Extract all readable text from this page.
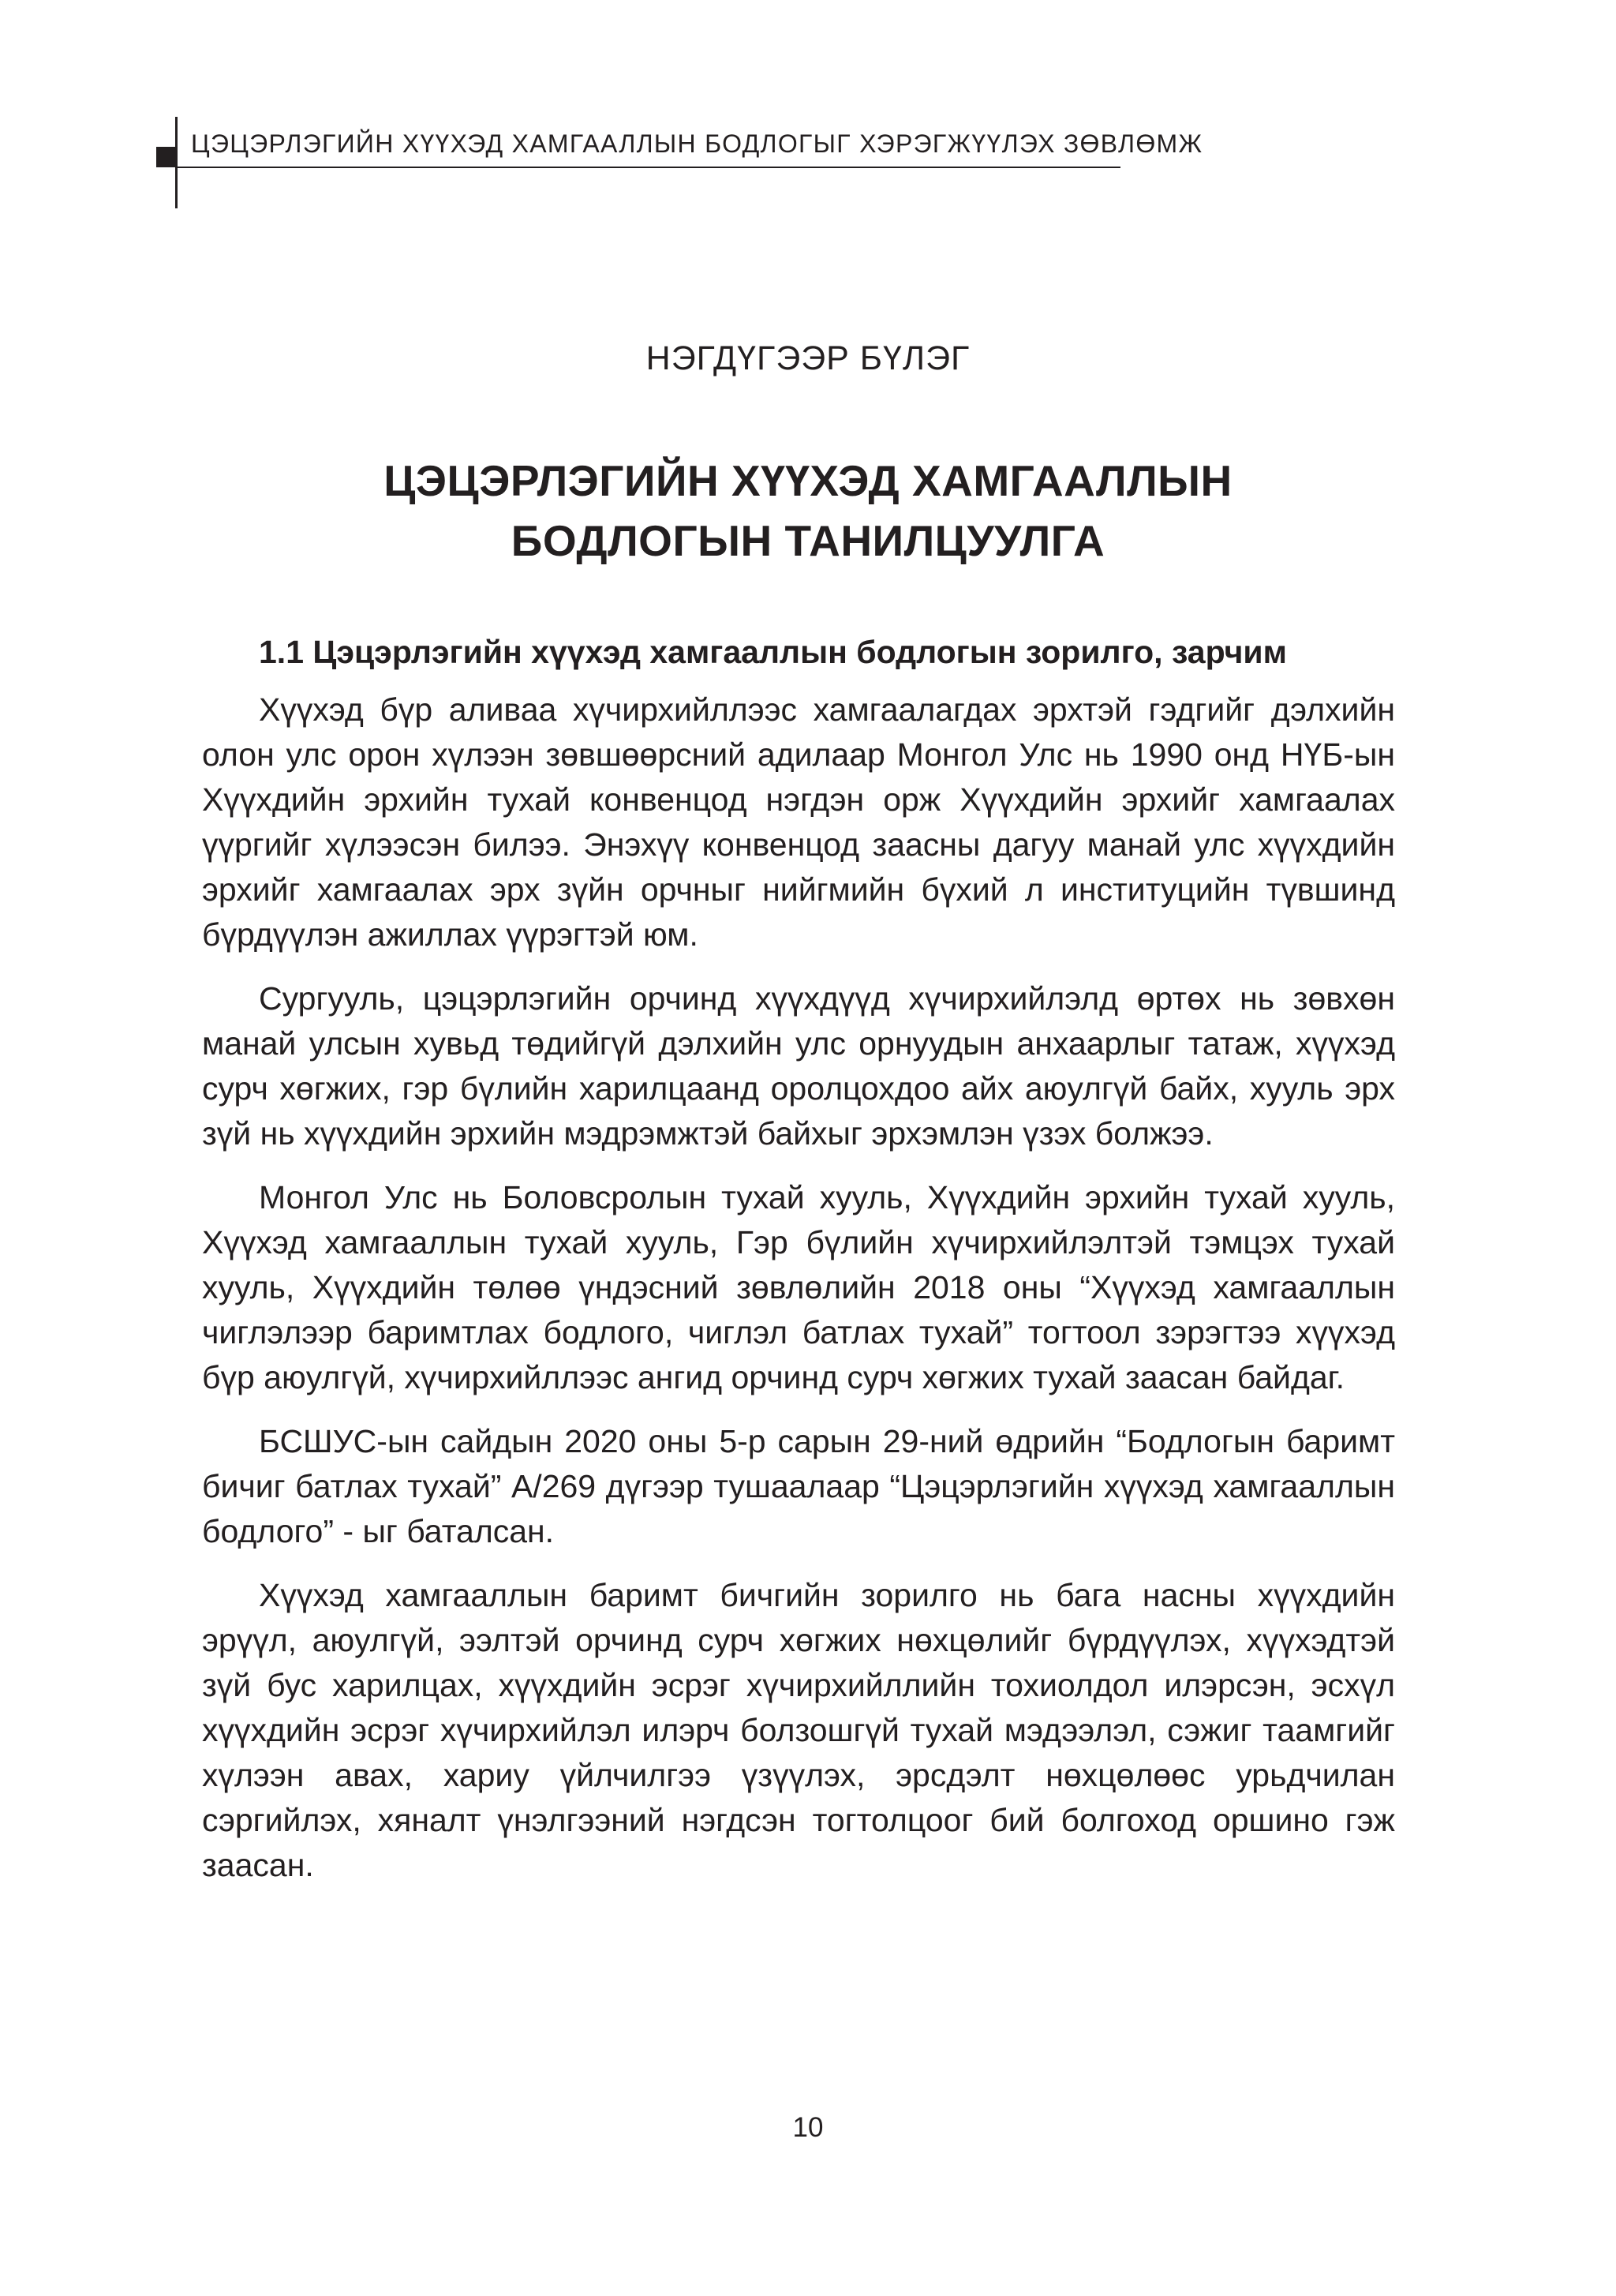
ЦЭЦЭРЛЭГИЙН ХҮҮХЭД ХАМГААЛЛЫН БОДЛОГЫГ ХЭРЭГЖҮҮЛЭХ ЗӨВЛӨМЖ
НЭГДҮГЭЭР БҮЛЭГ
ЦЭЦЭРЛЭГИЙН ХҮҮХЭД ХАМГААЛЛЫН
БОДЛОГЫН ТАНИЛЦУУЛГА
1.1 Цэцэрлэгийн хүүхэд хамгааллын бодлогын зорилго, зарчим

Хүүхэд бүр аливаа хүчирхийллээс хамгаалагдах эрхтэй гэдгийг дэлхийн олон улс орон хүлээн зөвшөөрсний адилаар Монгол Улс нь 1990 онд НҮБ-ын Хүүхдийн эрхийн тухай конвенцод нэгдэн орж Хүүхдийн эрхийг хамгаалах үүргийг хүлээсэн билээ. Энэхүү конвенцод заасны дагуу манай улс хүүхдийн эрхийг хамгаалах эрх зүйн орчныг нийгмийн бүхий л институцийн түвшинд бүрдүүлэн ажиллах үүрэгтэй юм.

Сургууль, цэцэрлэгийн орчинд хүүхдүүд хүчирхийлэлд өртөх нь зөвхөн манай улсын хувьд төдийгүй дэлхийн улс орнуудын анхаарлыг татаж, хүүхэд сурч хөгжих, гэр бүлийн харилцаанд оролцохдоо айх аюулгүй байх, хууль эрх зүй нь хүүхдийн эрхийн мэдрэмжтэй байхыг эрхэмлэн үзэх болжээ.

Монгол Улс нь Боловсролын тухай хууль, Хүүхдийн эрхийн тухай хууль, Хүүхэд хамгааллын тухай хууль, Гэр бүлийн хүчирхийлэлтэй тэмцэх тухай хууль, Хүүхдийн төлөө үндэсний зөвлөлийн 2018 оны “Хүүхэд хамгааллын чиглэлээр баримтлах бодлого, чиглэл батлах тухай” тогтоол зэрэгтээ хүүхэд бүр аюулгүй, хүчирхийллээс ангид орчинд сурч хөгжих тухай заасан байдаг.

БСШУС-ын сайдын 2020 оны 5-р сарын 29-ний өдрийн “Бодлогын баримт бичиг батлах тухай” А/269 дүгээр тушаалаар “Цэцэрлэгийн хүүхэд хамгааллын бодлого” - ыг баталсан.

Хүүхэд хамгааллын баримт бичгийн зорилго нь бага насны хүүхдийн эрүүл, аюулгүй, ээлтэй орчинд сурч хөгжих нөхцөлийг бүрдүүлэх, хүүхэдтэй зүй бус харилцах, хүүхдийн эсрэг хүчирхийллийн тохиолдол илэрсэн, эсхүл хүүхдийн эсрэг хүчирхийлэл илэрч болзошгүй тухай мэдээлэл, сэжиг таамгийг хүлээн авах, хариу үйлчилгээ үзүүлэх, эрсдэлт нөхцөлөөс урьдчилан сэргийлэх, хяналт үнэлгээний нэгдсэн тогтолцоог бий болгоход оршино гэж заасан.

10
